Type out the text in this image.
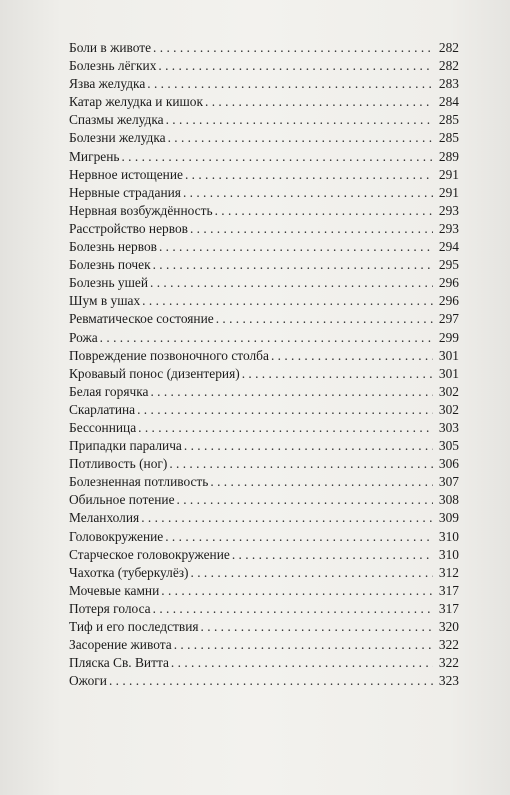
Боли в животе . . .	282
Болезнь лёгких . . .	282
Язва желудка . . .	283
Катар желудка и кишок . . .	284
Спазмы желудка . . .	285
Болезни желудка . . .	285
Мигрень . . .	289
Нервное истощение . . .	291
Нервные страдания . . .	291
Нервная возбуждённость . . .	293
Расстройство нервов . . .	293
Болезнь нервов . . .	294
Болезнь почек . . .	295
Болезнь ушей . . .	296
Шум в ушах . . .	296
Ревматическое состояние . . .	297
Рожа . . .	299
Повреждение позвоночного столба . . .	301
Кровавый понос (дизентерия) . . .	301
Белая горячка . . .	302
Скарлатина . . .	302
Бессонница . . .	303
Припадки паралича . . .	305
Потливость (ног) . . .	306
Болезненная потливость . . .	307
Обильное потение . . .	308
Меланхолия . . .	309
Головокружение . . .	310
Старческое головокружение . . .	310
Чахотка (туберкулёз) . . .	312
Мочевые камни . . .	317
Потеря голоса . . .	317
Тиф и его последствия . . .	320
Засорение живота . . .	322
Пляска Св. Витта . . .	322
Ожоги . . .	323
